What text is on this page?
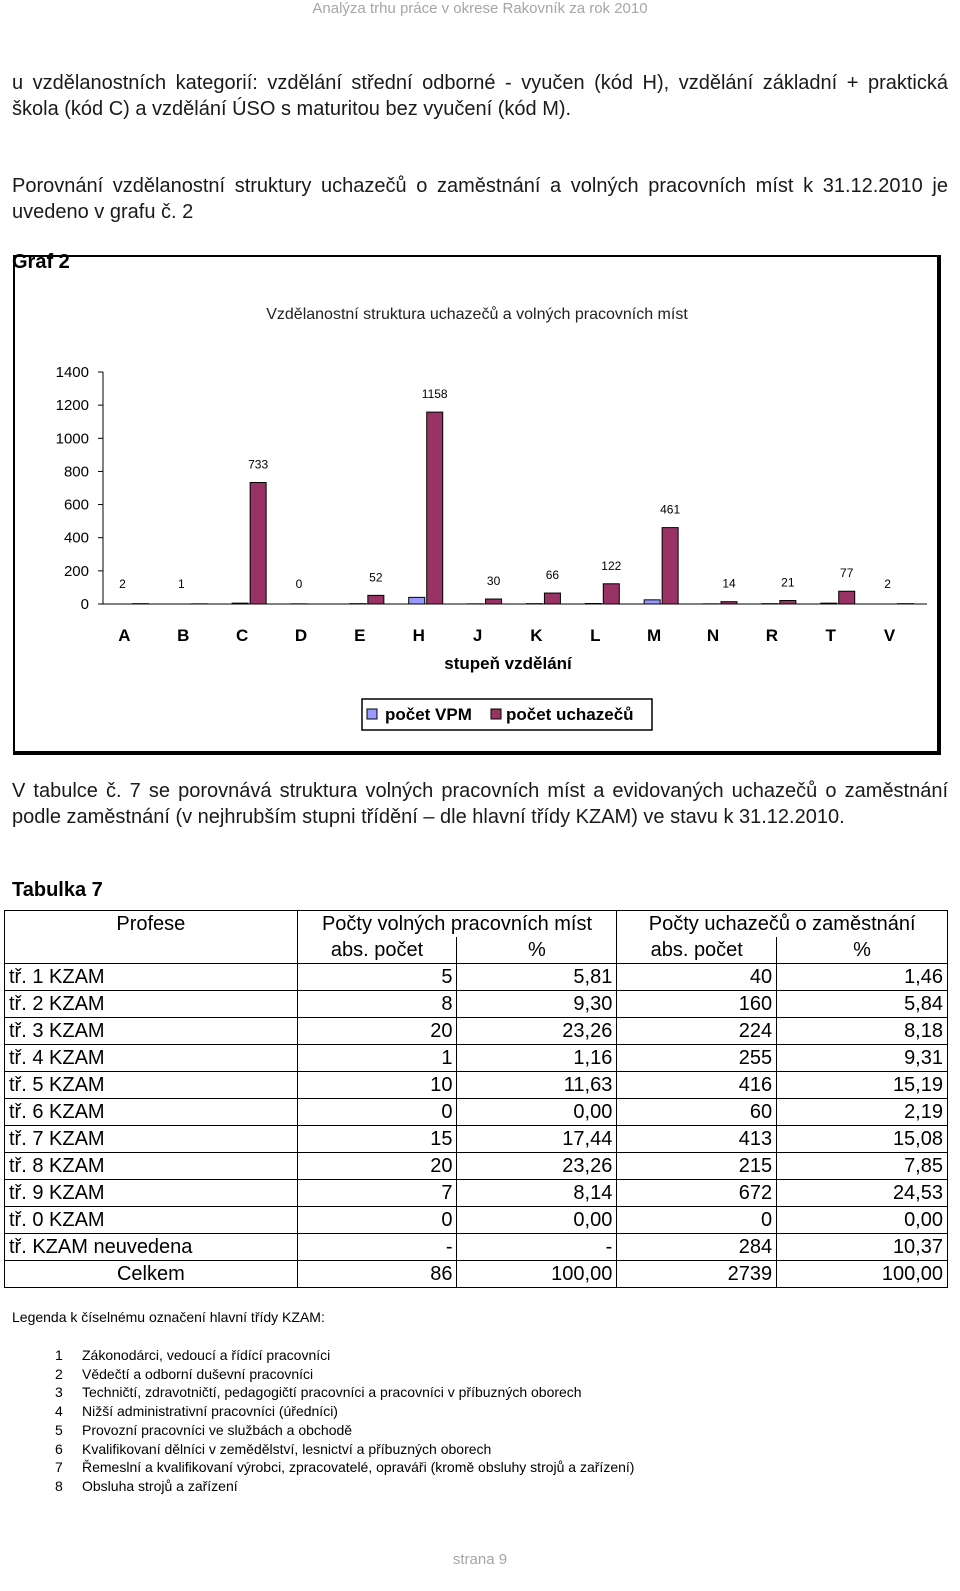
Analýza trhu práce v okrese Rakovník za rok 2010
u vzdělanostních kategorií: vzdělání střední odborné - vyučen (kód H), vzdělání základní + praktická škola (kód C) a vzdělání ÚSO s maturitou bez vyučení (kód M).
Porovnání vzdělanostní struktury uchazečů o zaměstnání a volných pracovních míst k 31.12.2010 je uvedeno v grafu č. 2
Graf 2
Vzdělanostní struktura uchazečů a volných pracovních míst
0
200
400
600
800
1000
1200
1400
A	B	C	D	E	H	J	K	L	M	N	R	T	V
2	1	0	2
733
52
1158
30	66
122
461
14	21
77
stupeň vzdělání
počet VPM počet uchazečů
V tabulce č. 7 se porovnává struktura volných pracovních míst a evidovaných uchazečů o zaměstnání podle zaměstnání (v nejhrubším stupni třídění – dle hlavní třídy KZAM) ve stavu k 31.12.2010.
Tabulka 7
Profese	Počty volných pracovních míst		Počty uchazečů o zaměstnání	
	abs. počet	%	abs. počet	%
tř. 1 KZAM	5	5,81	40	1,46
tř. 2 KZAM	8	9,30	160	5,84
tř. 3 KZAM	20	23,26	224	8,18
tř. 4 KZAM	1	1,16	255	9,31
tř. 5 KZAM	10	11,63	416	15,19
tř. 6 KZAM	0	0,00	60	2,19
tř. 7 KZAM	15	17,44	413	15,08
tř. 8 KZAM	20	23,26	215	7,85
tř. 9 KZAM	7	8,14	672	24,53
tř. 0 KZAM	0	0,00	0	0,00
tř. KZAM neuvedena	-	-	284	10,37
Celkem	86	100,00	2739	100,00
Legenda k číselnému označení hlavní třídy KZAM:
1	Zákonodárci, vedoucí a řídící pracovníci
2	Vědečtí a odborní duševní pracovníci
3	Techničtí, zdravotničtí, pedagogičtí pracovníci a pracovníci v příbuzných oborech
4	Nižší administrativní pracovníci (úředníci)
5	Provozní pracovníci ve službách a obchodě
6	Kvalifikovaní dělníci v zemědělství, lesnictví a příbuzných oborech
7	Řemeslní a kvalifikovaní výrobci, zpracovatelé, opraváři (kromě obsluhy strojů a zařízení)
8	Obsluha strojů a zařízení
strana 9
